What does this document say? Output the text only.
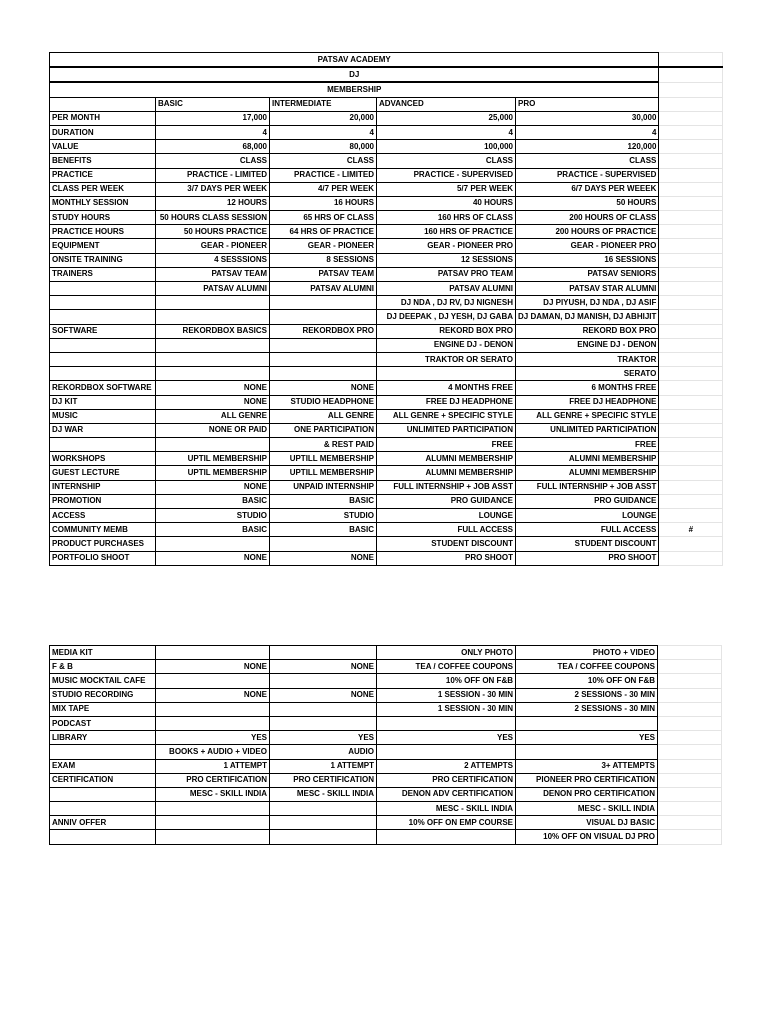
PATSAV ACADEMY					
DJ					
MEMBERSHIP					
	BASIC	INTERMEDIATE	ADVANCED	PRO	
PER MONTH	17,000	20,000	25,000	30,000	
DURATION	4	4	4	4	
VALUE	68,000	80,000	100,000	120,000	
BENEFITS	CLASS	CLASS	CLASS	CLASS	
PRACTICE	PRACTICE - LIMITED	PRACTICE - LIMITED	PRACTICE - SUPERVISED	PRACTICE - SUPERVISED	
CLASS PER WEEK	3/7 DAYS PER WEEK	4/7 PER WEEK	5/7 PER WEEK	6/7 DAYS PER WEEEK	
MONTHLY SESSION	12 HOURS	16 HOURS	40 HOURS	50 HOURS	
STUDY HOURS	50 HOURS CLASS SESSION	65 HRS OF CLASS	160 HRS OF CLASS	200 HOURS OF CLASS	
PRACTICE HOURS	50 HOURS PRACTICE	64 HRS OF PRACTICE	160 HRS OF PRACTICE	200 HOURS OF PRACTICE	
EQUIPMENT	GEAR - PIONEER	GEAR - PIONEER	GEAR - PIONEER PRO	GEAR - PIONEER PRO	
ONSITE TRAINING	4 SESSSIONS	8 SESSIONS	12 SESSIONS	16 SESSIONS	
TRAINERS	PATSAV TEAM	PATSAV TEAM	PATSAV PRO TEAM	PATSAV SENIORS	
	PATSAV ALUMNI	PATSAV ALUMNI	PATSAV ALUMNI	PATSAV STAR ALUMNI	
			DJ NDA , DJ RV, DJ NIGNESH	DJ PIYUSH, DJ NDA , DJ ASIF	
			DJ DEEPAK , DJ YESH, DJ GABA	DJ DAMAN, DJ MANISH, DJ ABHIJIT	
SOFTWARE	REKORDBOX BASICS	REKORDBOX PRO	REKORD BOX PRO	REKORD BOX PRO	
			ENGINE DJ - DENON	ENGINE DJ - DENON	
			TRAKTOR OR SERATO	TRAKTOR	
				SERATO	
REKORDBOX SOFTWARE	NONE	NONE	4 MONTHS FREE	6 MONTHS FREE	
DJ KIT	NONE	STUDIO HEADPHONE	FREE DJ HEADPHONE	FREE DJ HEADPHONE	
MUSIC	ALL GENRE	ALL GENRE	ALL GENRE + SPECIFIC STYLE	ALL GENRE + SPECIFIC STYLE	
DJ WAR	NONE OR PAID	ONE PARTICIPATION	UNLIMITED PARTICIPATION	UNLIMITED PARTICIPATION	
		& REST PAID	FREE	FREE	
WORKSHOPS	UPTIL MEMBERSHIP	UPTILL MEMBERSHIP	ALUMNI MEMBERSHIP	ALUMNI MEMBERSHIP	
GUEST LECTURE	UPTIL MEMBERSHIP	UPTILL MEMBERSHIP	ALUMNI MEMBERSHIP	ALUMNI MEMBERSHIP	
INTERNSHIP	NONE	UNPAID INTERNSHIP	FULL INTERNSHIP + JOB ASST	FULL INTERNSHIP + JOB ASST	
PROMOTION	BASIC	BASIC	PRO GUIDANCE	PRO GUIDANCE	
ACCESS	STUDIO	STUDIO	LOUNGE	LOUNGE	
COMMUNITY MEMB	BASIC	BASIC	FULL ACCESS	FULL ACCESS	#
PRODUCT PURCHASES			STUDENT DISCOUNT	STUDENT DISCOUNT	
PORTFOLIO SHOOT	NONE	NONE	PRO SHOOT	PRO SHOOT	
MEDIA KIT			ONLY PHOTO	PHOTO + VIDEO	
F & B	NONE	NONE	TEA / COFFEE COUPONS	TEA / COFFEE COUPONS	
MUSIC MOCKTAIL CAFE			10% OFF ON F&B	10% OFF ON F&B	
STUDIO RECORDING	NONE	NONE	1 SESSION - 30 MIN	2 SESSIONS - 30 MIN	
MIX TAPE			1 SESSION - 30 MIN	2 SESSIONS - 30 MIN	
PODCAST					
LIBRARY	YES	YES	YES	YES	
	BOOKS + AUDIO + VIDEO	AUDIO			
EXAM	1 ATTEMPT	1 ATTEMPT	2 ATTEMPTS	3+ ATTEMPTS	
CERTIFICATION	PRO CERTIFICATION	PRO CERTIFICATION	PRO CERTIFICATION	PIONEER PRO CERTIFICATION	
	MESC - SKILL INDIA	MESC - SKILL INDIA	DENON ADV CERTIFICATION	DENON PRO CERTIFICATION	
			MESC - SKILL INDIA	MESC - SKILL INDIA	
ANNIV OFFER			10% OFF ON EMP COURSE	VISUAL DJ BASIC	
				10% OFF ON VISUAL DJ PRO	
